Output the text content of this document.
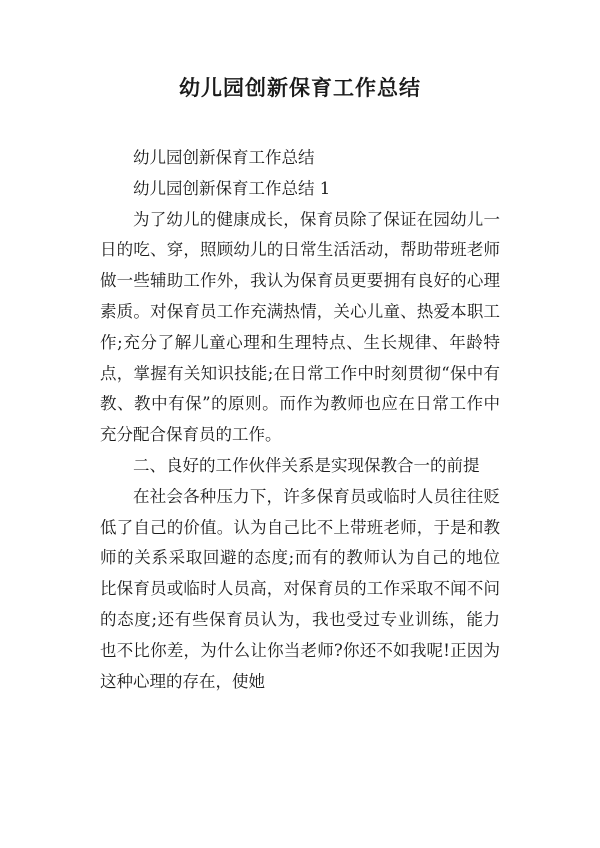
幼儿园创新保育工作总结

幼儿园创新保育工作总结

幼儿园创新保育工作总结 1

为了幼儿的健康成长，保育员除了保证在园幼儿一日的吃、穿，照顾幼儿的日常生活活动，帮助带班老师做一些辅助工作外，我认为保育员更要拥有良好的心理素质。对保育员工作充满热情，关心儿童、热爱本职工作;充分了解儿童心理和生理特点、生长规律、年龄特点，掌握有关知识技能;在日常工作中时刻贯彻“保中有教、教中有保”的原则。而作为教师也应在日常工作中充分配合保育员的工作。

二、良好的工作伙伴关系是实现保教合一的前提

在社会各种压力下，许多保育员或临时人员往往贬低了自己的价值。认为自己比不上带班老师，于是和教师的关系采取回避的态度;而有的教师认为自己的地位比保育员或临时人员高，对保育员的工作采取不闻不问的态度;还有些保育员认为，我也受过专业训练，能力也不比你差，为什么让你当老师?你还不如我呢!正因为这种心理的存在，使她
